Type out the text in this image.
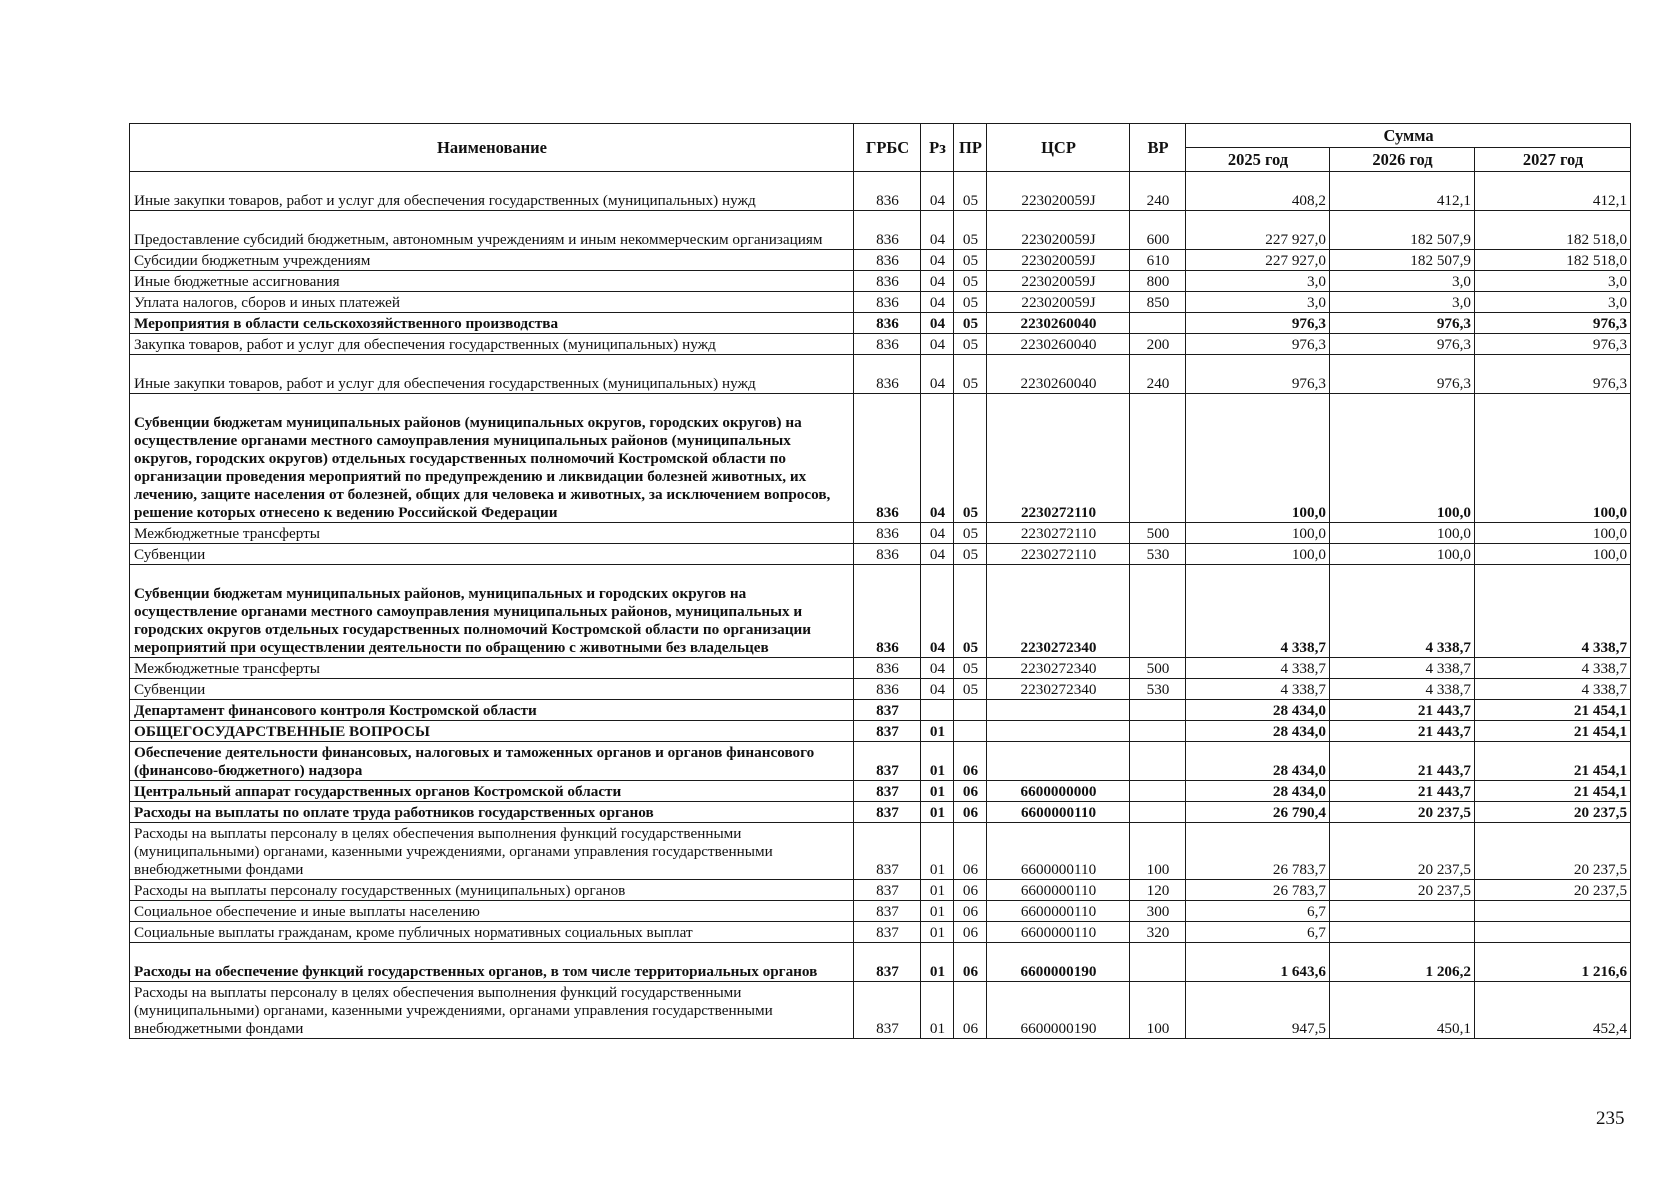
Наименование	ГРБС	Рз	ПР	ЦСР	ВР	Сумма		
						2025 год	2026 год	2027 год
Иные закупки товаров, работ и услуг для обеспечения государственных (муниципальных) нужд	836	04	05	223020059J	240	408,2	412,1	412,1
Предоставление субсидий бюджетным, автономным учреждениям и иным некоммерческим организациям	836	04	05	223020059J	600	227 927,0	182 507,9	182 518,0
Субсидии бюджетным учреждениям	836	04	05	223020059J	610	227 927,0	182 507,9	182 518,0
Иные бюджетные ассигнования	836	04	05	223020059J	800	3,0	3,0	3,0
Уплата налогов, сборов и иных платежей	836	04	05	223020059J	850	3,0	3,0	3,0
Мероприятия в области сельскохозяйственного производства	836	04	05	2230260040		976,3	976,3	976,3
Закупка товаров, работ и услуг для обеспечения государственных (муниципальных) нужд	836	04	05	2230260040	200	976,3	976,3	976,3
Иные закупки товаров, работ и услуг для обеспечения государственных (муниципальных) нужд	836	04	05	2230260040	240	976,3	976,3	976,3
Субвенции бюджетам муниципальных районов (муниципальных округов, городских округов) на осуществление органами местного самоуправления муниципальных районов (муниципальных округов, городских округов) отдельных государственных полномочий Костромской области по организации проведения мероприятий по предупреждению и ликвидации болезней животных, их лечению, защите населения от болезней, общих для человека и животных, за исключением вопросов, решение которых отнесено к ведению Российской Федерации	836	04	05	2230272110		100,0	100,0	100,0
Межбюджетные трансферты	836	04	05	2230272110	500	100,0	100,0	100,0
Субвенции	836	04	05	2230272110	530	100,0	100,0	100,0
Субвенции бюджетам муниципальных районов, муниципальных и городских округов на осуществление органами местного самоуправления муниципальных районов, муниципальных и городских округов отдельных государственных полномочий Костромской области по организации мероприятий при осуществлении деятельности по обращению с животными без владельцев	836	04	05	2230272340		4 338,7	4 338,7	4 338,7
Межбюджетные трансферты	836	04	05	2230272340	500	4 338,7	4 338,7	4 338,7
Субвенции	836	04	05	2230272340	530	4 338,7	4 338,7	4 338,7
Департамент финансового контроля Костромской области	837					28 434,0	21 443,7	21 454,1
ОБЩЕГОСУДАРСТВЕННЫЕ ВОПРОСЫ	837	01				28 434,0	21 443,7	21 454,1
Обеспечение деятельности финансовых, налоговых и таможенных органов и органов финансового (финансово-бюджетного) надзора	837	01	06			28 434,0	21 443,7	21 454,1
Центральный аппарат государственных органов Костромской области	837	01	06	6600000000		28 434,0	21 443,7	21 454,1
Расходы на выплаты по оплате труда работников государственных органов	837	01	06	6600000110		26 790,4	20 237,5	20 237,5
Расходы на выплаты персоналу в целях обеспечения выполнения функций государственными (муниципальными) органами, казенными учреждениями, органами управления государственными внебюджетными фондами	837	01	06	6600000110	100	26 783,7	20 237,5	20 237,5
Расходы на выплаты персоналу государственных (муниципальных) органов	837	01	06	6600000110	120	26 783,7	20 237,5	20 237,5
Социальное обеспечение и иные выплаты населению	837	01	06	6600000110	300	6,7		
Социальные выплаты гражданам, кроме публичных нормативных социальных выплат	837	01	06	6600000110	320	6,7		
Расходы на обеспечение функций государственных органов, в том числе территориальных органов	837	01	06	6600000190		1 643,6	1 206,2	1 216,6
Расходы на выплаты персоналу в целях обеспечения выполнения функций государственными (муниципальными) органами, казенными учреждениями, органами управления государственными внебюджетными фондами	837	01	06	6600000190	100	947,5	450,1	452,4
235
